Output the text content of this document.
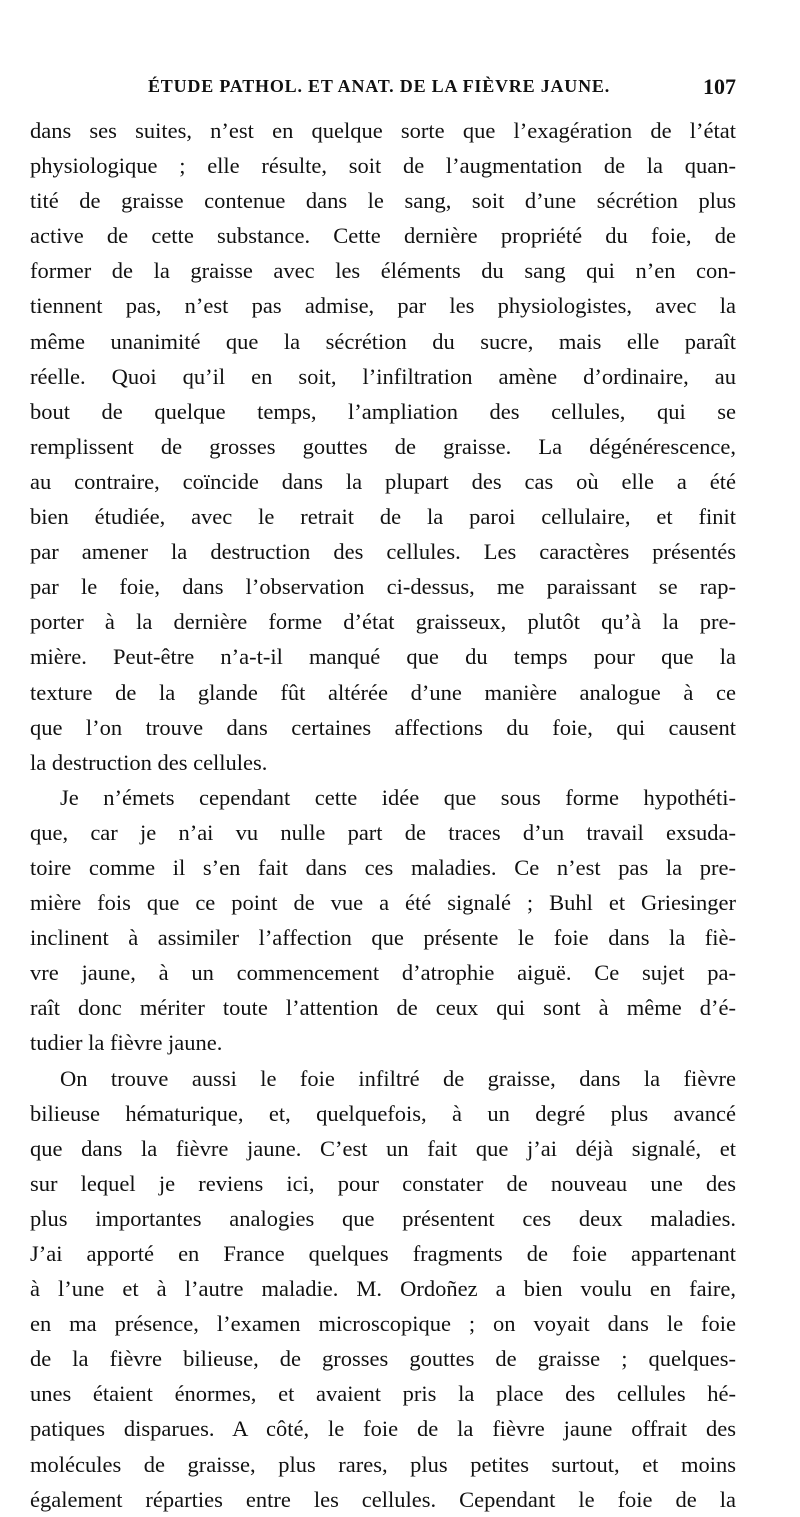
ÉTUDE PATHOL. ET ANAT. DE LA FIÈVRE JAUNE.	107
dans ses suites, n’est en quelque sorte que l’exagération de l’état
physiologique ; elle résulte, soit de l’augmentation de la quan-
tité de graisse contenue dans le sang, soit d’une sécrétion plus
active de cette substance. Cette dernière propriété du foie, de
former de la graisse avec les éléments du sang qui n’en con-
tiennent pas, n’est pas admise, par les physiologistes, avec la
même unanimité que la sécrétion du sucre, mais elle paraît
réelle. Quoi qu’il en soit, l’infiltration amène d’ordinaire, au
bout de quelque temps, l’ampliation des cellules, qui se
remplissent de grosses gouttes de graisse. La dégénérescence,
au contraire, coïncide dans la plupart des cas où elle a été
bien étudiée, avec le retrait de la paroi cellulaire, et finit
par amener la destruction des cellules. Les caractères présentés
par le foie, dans l’observation ci-dessus, me paraissant se rap-
porter à la dernière forme d’état graisseux, plutôt qu’à la pre-
mière. Peut-être n’a-t-il manqué que du temps pour que la
texture de la glande fût altérée d’une manière analogue à ce
que l’on trouve dans certaines affections du foie, qui causent
la destruction des cellules.
Je n’émets cependant cette idée que sous forme hypothéti-
que, car je n’ai vu nulle part de traces d’un travail exsuda-
toire comme il s’en fait dans ces maladies. Ce n’est pas la pre-
mière fois que ce point de vue a été signalé ; Buhl et Griesinger
inclinent à assimiler l’affection que présente le foie dans la fiè-
vre jaune, à un commencement d’atrophie aiguë. Ce sujet pa-
raît donc mériter toute l’attention de ceux qui sont à même d’é-
tudier la fièvre jaune.
On trouve aussi le foie infiltré de graisse, dans la fièvre
bilieuse hématurique, et, quelquefois, à un degré plus avancé
que dans la fièvre jaune. C’est un fait que j’ai déjà signalé, et
sur lequel je reviens ici, pour constater de nouveau une des
plus importantes analogies que présentent ces deux maladies.
J’ai apporté en France quelques fragments de foie appartenant
à l’une et à l’autre maladie. M. Ordoñez a bien voulu en faire,
en ma présence, l’examen microscopique ; on voyait dans le foie
de la fièvre bilieuse, de grosses gouttes de graisse ; quelques-
unes étaient énormes, et avaient pris la place des cellules hé-
patiques disparues. A côté, le foie de la fièvre jaune offrait des
molécules de graisse, plus rares, plus petites surtout, et moins
également réparties entre les cellules. Cependant le foie de la
